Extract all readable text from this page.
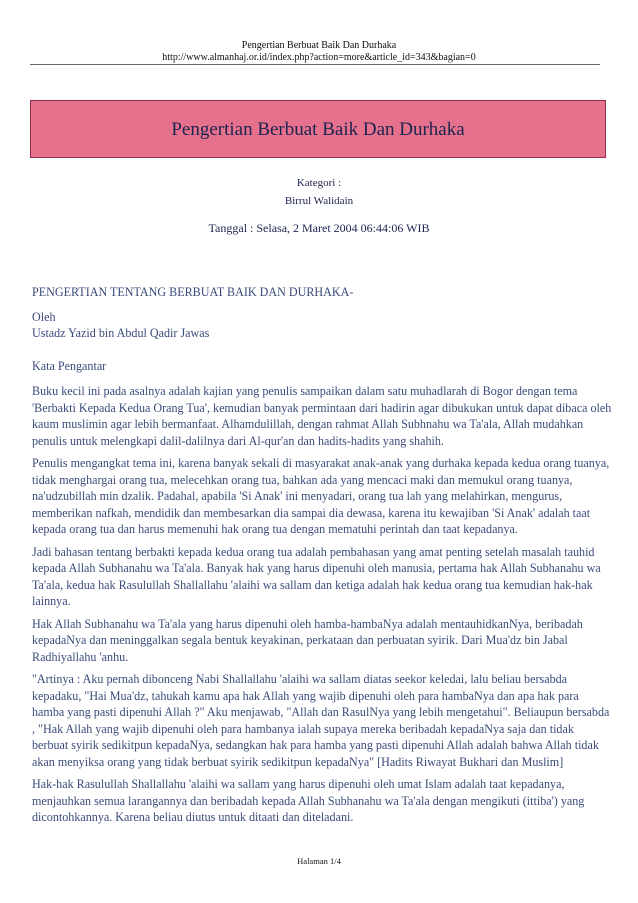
Pengertian Berbuat Baik Dan Durhaka
http://www.almanhaj.or.id/index.php?action=more&article_id=343&bagian=0
Pengertian Berbuat Baik Dan Durhaka
Kategori :
Birrul Walidain
Tanggal : Selasa, 2 Maret 2004 06:44:06 WIB

PENGERTIAN TENTANG BERBUAT BAIK DAN DURHAKA-

Oleh
Ustadz Yazid bin Abdul Qadir Jawas

Kata Pengantar

Buku kecil ini pada asalnya adalah kajian yang penulis sampaikan dalam satu muhadlarah di Bogor dengan tema 'Berbakti Kepada Kedua Orang Tua', kemudian banyak permintaan dari hadirin agar dibukukan untuk dapat dibaca oleh kaum muslimin agar lebih bermanfaat. Alhamdulillah, dengan rahmat Allah Subhnahu wa Ta'ala, Allah mudahkan penulis untuk melengkapi dalil-dalilnya dari Al-qur'an dan hadits-hadits yang shahih.

Penulis mengangkat tema ini, karena banyak sekali di masyarakat anak-anak yang durhaka kepada kedua orang tuanya, tidak menghargai orang tua, melecehkan orang tua, bahkan ada yang mencaci maki dan memukul orang tuanya, na'udzubillah min dzalik. Padahal, apabila 'Si Anak' ini menyadari, orang tua lah yang melahirkan, mengurus, memberikan nafkah, mendidik dan membesarkan dia sampai dia dewasa, karena itu kewajiban 'Si Anak' adalah taat kepada orang tua dan harus memenuhi hak orang tua dengan mematuhi perintah dan taat kepadanya.

Jadi bahasan tentang berbakti kepada kedua orang tua adalah pembahasan yang amat penting setelah masalah tauhid kepada Allah Subhanahu wa Ta'ala. Banyak hak yang harus dipenuhi oleh manusia, pertama hak Allah Subhanahu wa Ta'ala, kedua hak Rasulullah Shallallahu 'alaihi wa sallam dan ketiga adalah hak kedua orang tua kemudian hak-hak lainnya.

Hak Allah Subhanahu wa Ta'ala yang harus dipenuhi oleh hamba-hambaNya adalah mentauhidkanNya, beribadah kepadaNya dan meninggalkan segala bentuk keyakinan, perkataan dan perbuatan syirik. Dari Mua'dz bin Jabal Radhiyallahu 'anhu.

"Artinya : Aku pernah dibonceng Nabi Shallallahu 'alaihi wa sallam diatas seekor keledai, lalu beliau bersabda kepadaku, "Hai Mua'dz, tahukah kamu apa hak Allah yang wajib dipenuhi oleh para hambaNya dan apa hak para hamba yang pasti dipenuhi Allah ?" Aku menjawab, "Allah dan RasulNya yang lebih mengetahui". Beliaupun bersabda , "Hak Allah yang wajib dipenuhi oleh para hambanya ialah supaya mereka beribadah kepadaNya saja dan tidak berbuat syirik sedikitpun kepadaNya, sedangkan hak para hamba yang pasti dipenuhi Allah adalah bahwa Allah tidak akan menyiksa orang yang tidak berbuat syirik sedikitpun kepadaNya" [Hadits Riwayat Bukhari dan Muslim]

Hak-hak Rasulullah Shallallahu 'alaihi wa sallam yang harus dipenuhi oleh umat Islam adalah taat kepadanya, menjauhkan semua larangannya dan beribadah kepada Allah Subhanahu wa Ta'ala dengan mengikuti (ittiba') yang dicontohkannya. Karena beliau diutus untuk ditaati dan diteladani.

Halaman 1/4
